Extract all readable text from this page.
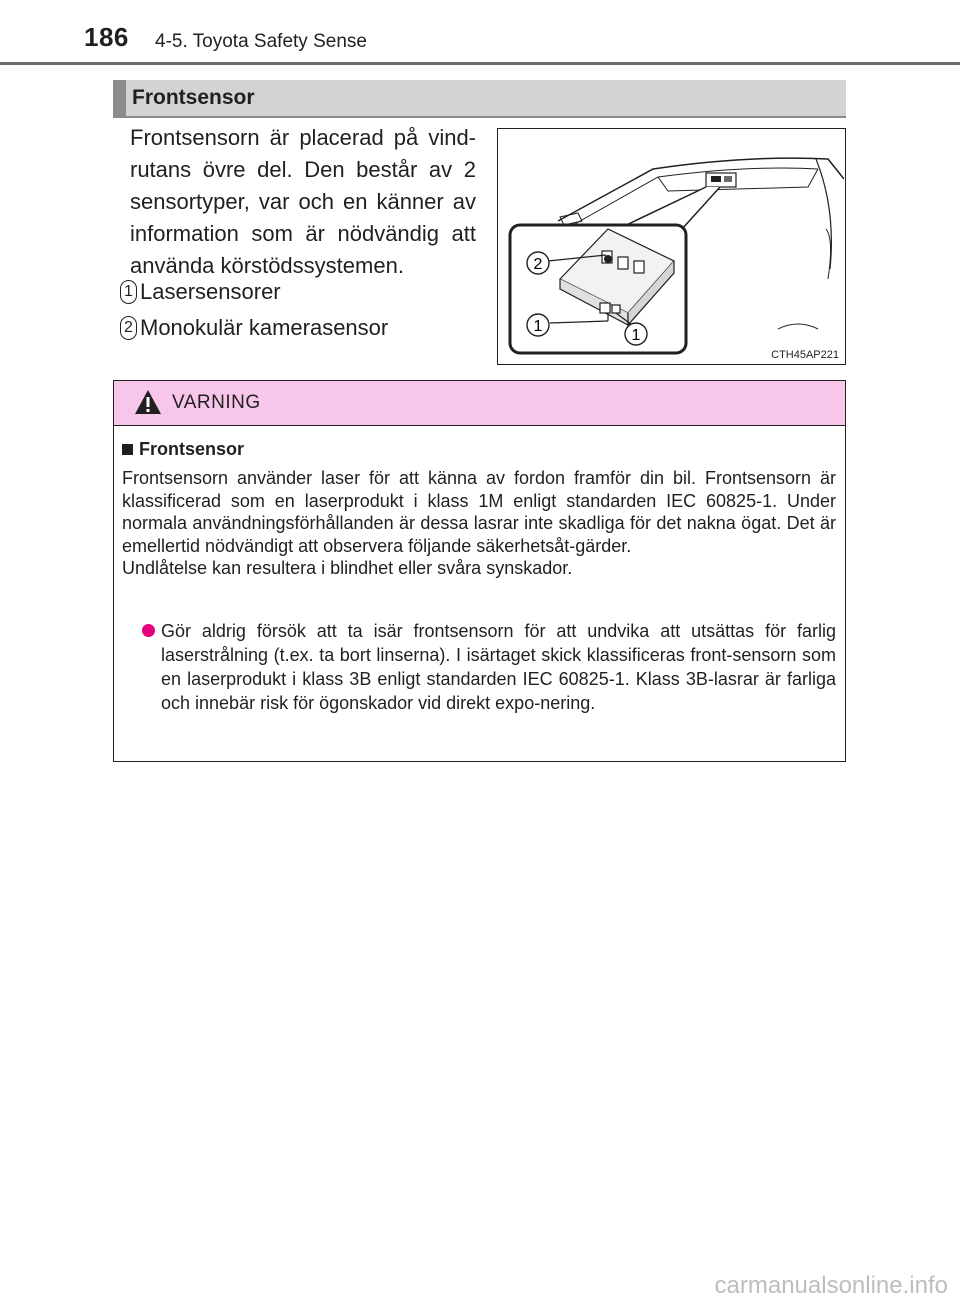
186 4-5. Toyota Safety Sense
Frontsensor
Frontsensorn är placerad på vind-rutans övre del. Den består av 2 sensortyper, var och en känner av information som är nödvändig att använda körstödssystemen.
1 Lasersensorer
2 Monokulär kamerasensor
2
1
1
CTH45AP221
VARNING
Frontsensor

Frontsensorn använder laser för att känna av fordon framför din bil. Frontsensorn är klassificerad som en laserprodukt i klass 1M enligt standarden IEC 60825-1. Under normala användningsförhållanden är dessa lasrar inte skadliga för det nakna ögat. Det är emellertid nödvändigt att observera följande säkerhetsåt-gärder.

Undlåtelse kan resultera i blindhet eller svåra synskador.

Gör aldrig försök att ta isär frontsensorn för att undvika att utsättas för farlig laserstrålning (t.ex. ta bort linserna). I isärtaget skick klassificeras front-sensorn som en laserprodukt i klass 3B enligt standarden IEC 60825-1. Klass 3B-lasrar är farliga och innebär risk för ögonskador vid direkt expo-nering.
carmanualsonline.info
